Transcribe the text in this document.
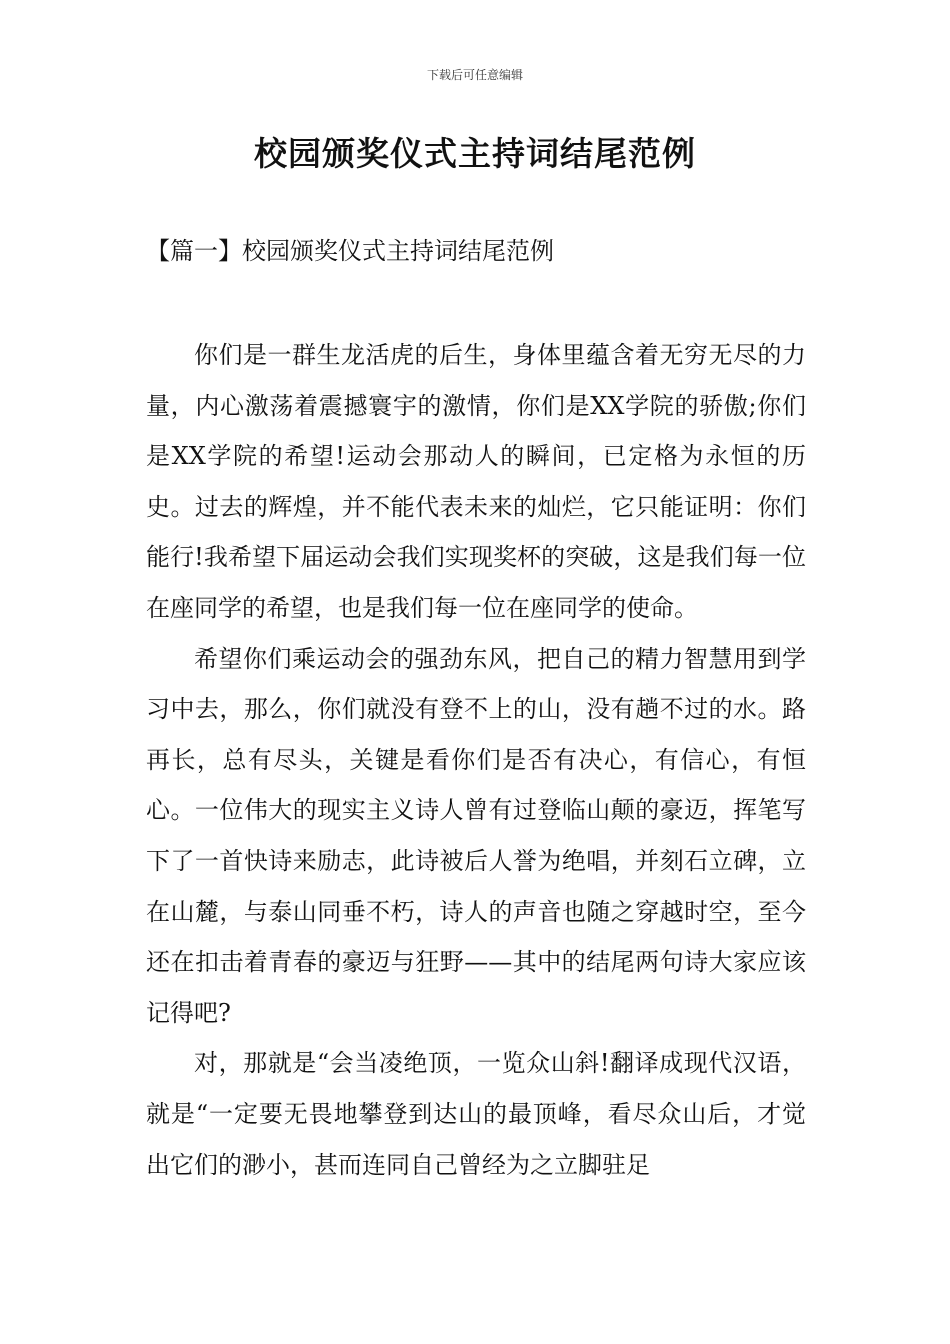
下载后可任意编辑
校园颁奖仪式主持词结尾范例
【篇一】校园颁奖仪式主持词结尾范例

你们是一群生龙活虎的后生，身体里蕴含着无穷无尽的力量，内心激荡着震撼寰宇的激情，你们是XX学院的骄傲;你们是XX学院的希望!运动会那动人的瞬间，已定格为永恒的历史。过去的辉煌，并不能代表未来的灿烂，它只能证明：你们能行!我希望下届运动会我们实现奖杯的突破，这是我们每一位在座同学的希望，也是我们每一位在座同学的使命。

希望你们乘运动会的强劲东风，把自己的精力智慧用到学习中去，那么，你们就没有登不上的山，没有趟不过的水。路再长，总有尽头，关键是看你们是否有决心，有信心，有恒心。一位伟大的现实主义诗人曾有过登临山颠的豪迈，挥笔写下了一首快诗来励志，此诗被后人誉为绝唱，并刻石立碑，立在山麓，与泰山同垂不朽，诗人的声音也随之穿越时空，至今还在扣击着青春的豪迈与狂野——其中的结尾两句诗大家应该记得吧?

对，那就是“会当凌绝顶，一览众山斜!翻译成现代汉语，就是“一定要无畏地攀登到达山的最顶峰，看尽众山后，才觉出它们的渺小，甚而连同自己曾经为之立脚驻足
